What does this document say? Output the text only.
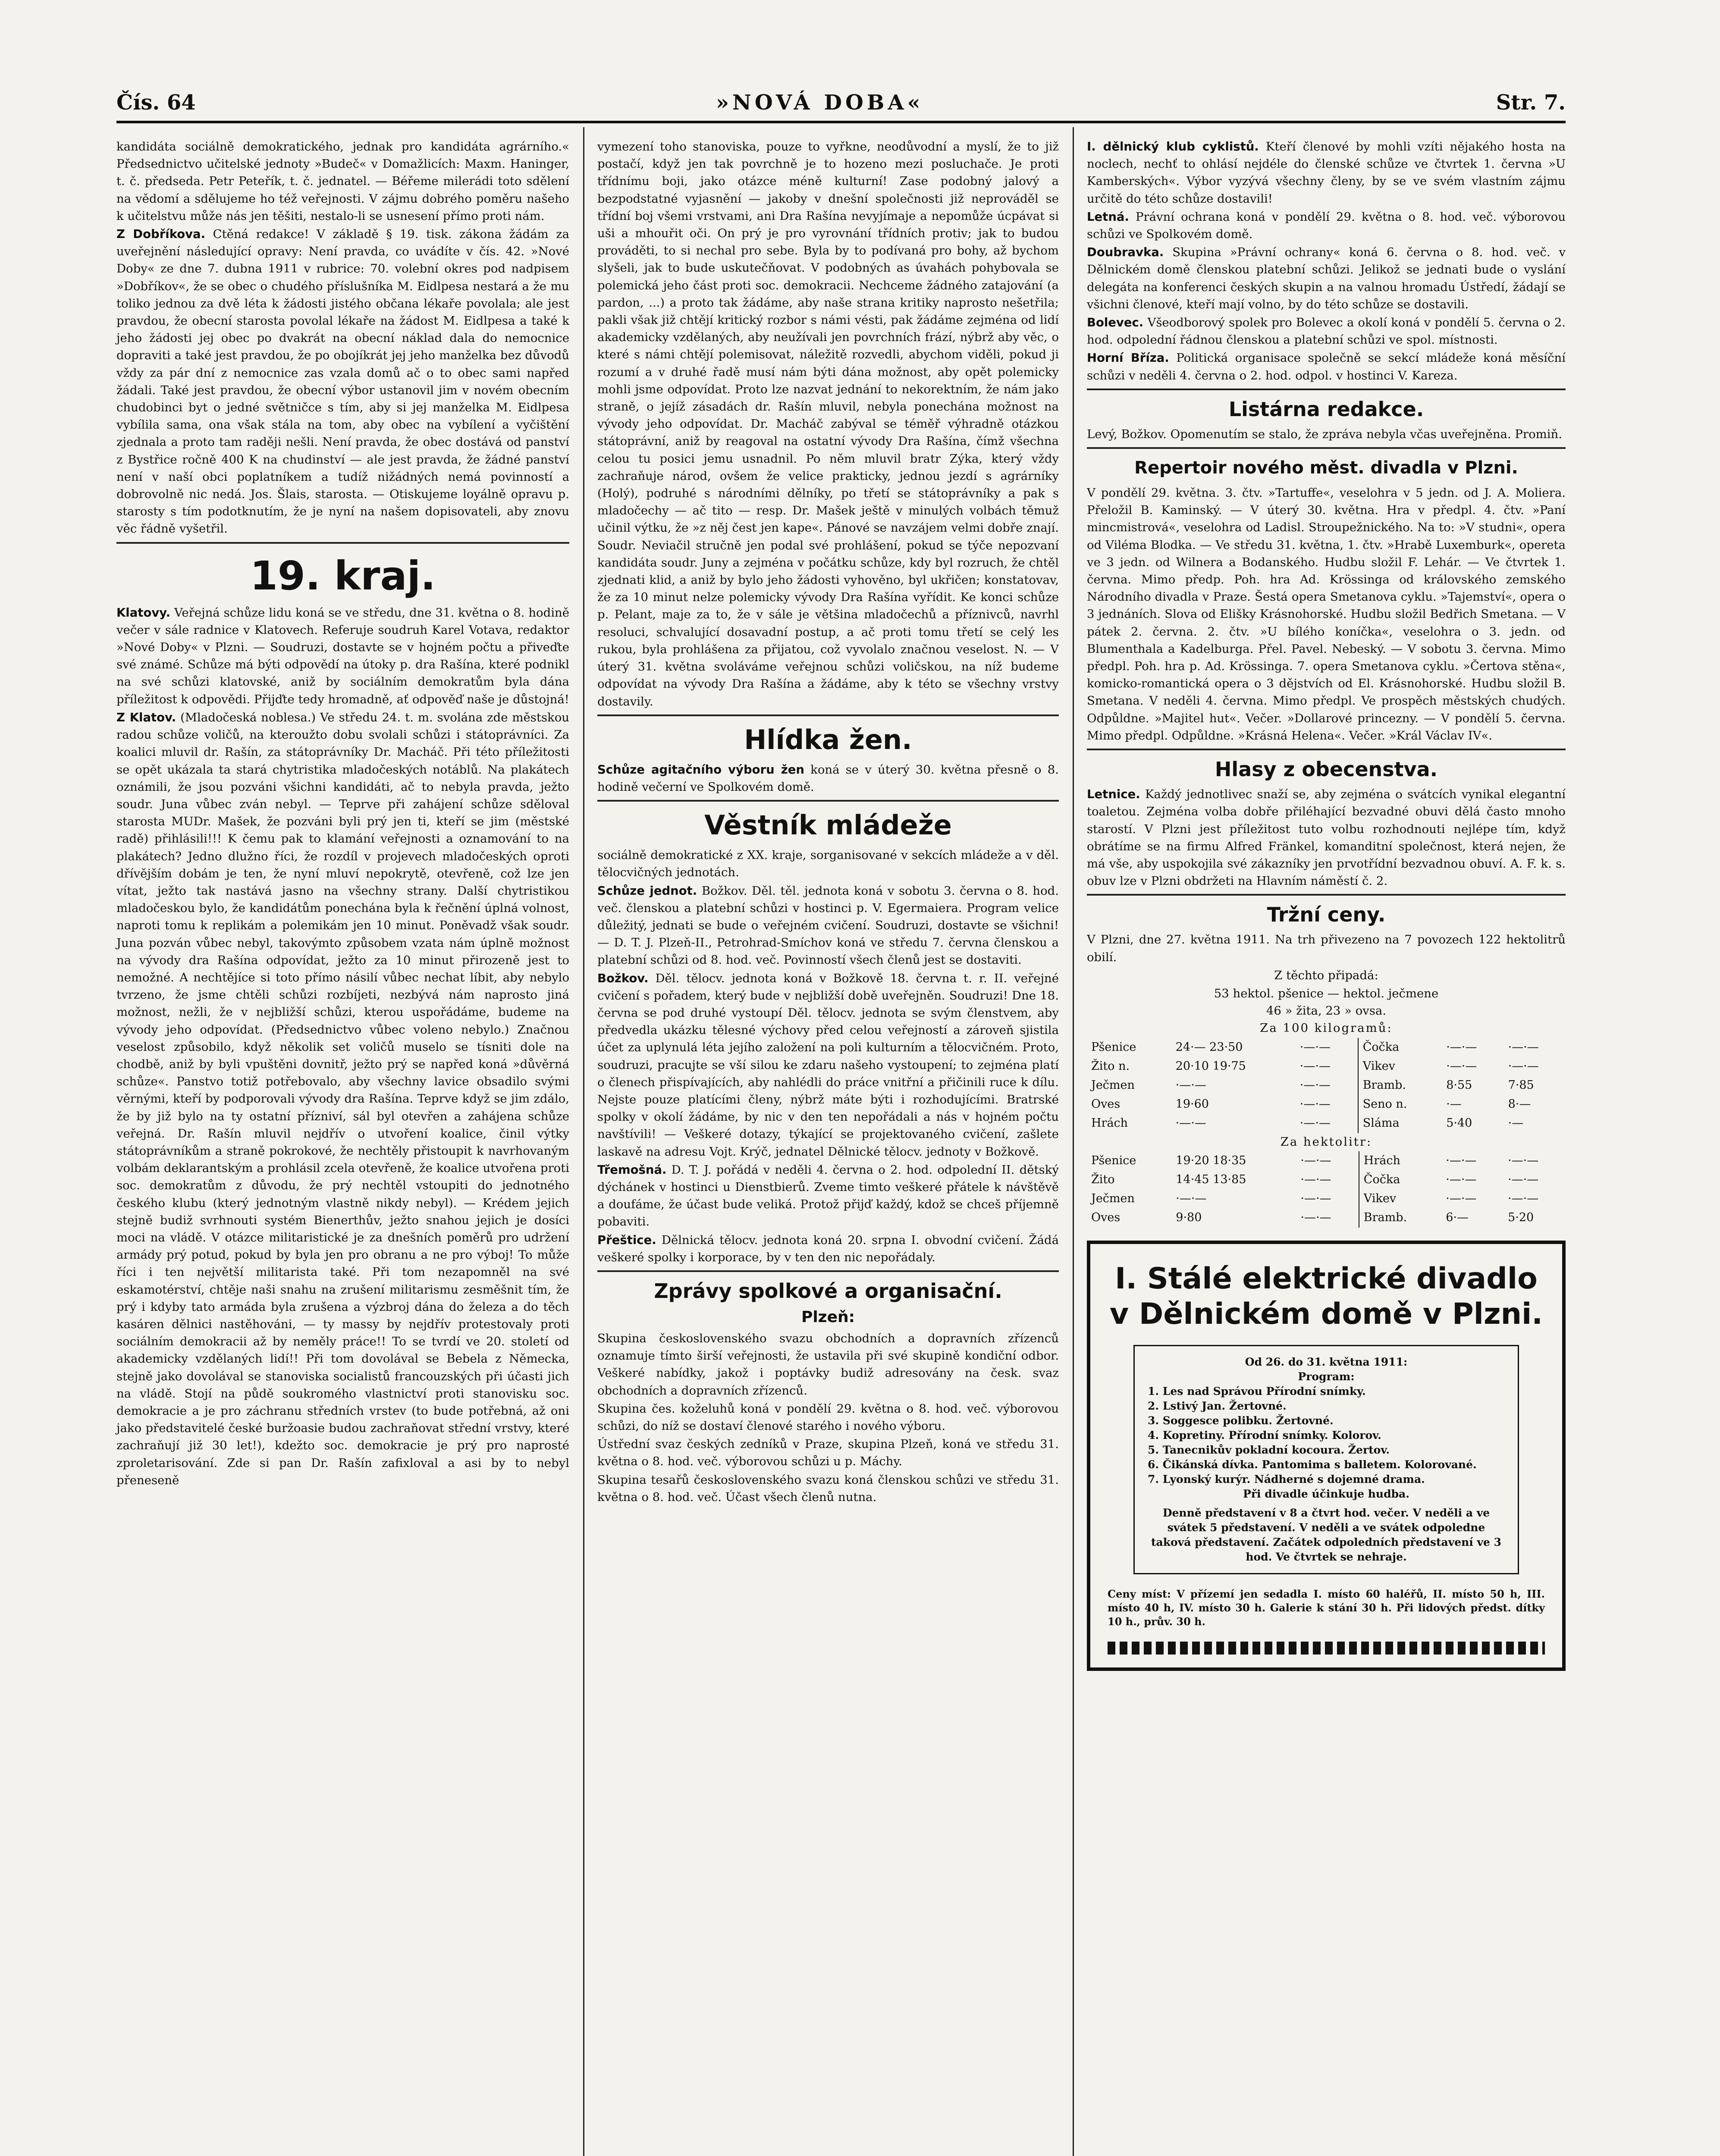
Čís. 64	»NOVÁ DOBA«	Str. 7.

kandidáta sociálně demokratického, jednak pro kandidáta agrárního.« Předsednictvo učitelské jednoty »Budeč« v Domažlicích: Maxm. Haninger, t. č. předseda. Petr Peteřík, t. č. jednatel. — Béřeme milerádi toto sdělení na vědomí a sdělujeme ho též veřejnosti. V zájmu dobrého poměru našeho k učitelstvu může nás jen těšiti, nestalo-li se usnesení přímo proti nám.

Z Dobříkova. Ctěná redakce! V základě § 19. tisk. zákona žádám za uveřejnění následující opravy: Není pravda, co uvádíte v čís. 42. »Nové Doby« ze dne 7. dubna 1911 v rubrice: 70. volební okres pod nadpisem »Dobříkov«, že se obec o chudého příslušníka M. Eidlpesa nestará a že mu toliko jednou za dvě léta k žádosti jistého občana lékaře povolala; ale jest pravdou, že obecní starosta povolal lékaře na žádost M. Eidlpesa a také k jeho žádosti jej obec po dvakrát na obecní náklad dala do nemocnice dopraviti a také jest pravdou, že po obojíkrát jej jeho manželka bez důvodů vždy za pár dní z nemocnice zas vzala domů ač o to obec sami napřed žádali. Také jest pravdou, že obecní výbor ustanovil jim v novém obecním chudobinci byt o jedné světničce s tím, aby si jej manželka M. Eidlpesa vybílila sama, ona však stála na tom, aby obec na vybílení a vyčištění zjednala a proto tam raději nešli. Není pravda, že obec dostává od panství z Bystřice ročně 400 K na chudinství — ale jest pravda, že žádné panství není v naší obci poplatníkem a tudíž nižádných nemá povinností a dobrovolně nic nedá. Jos. Šlais, starosta. — Otiskujeme loyálně opravu p. starosty s tím podotknutím, že je nyní na našem dopisovateli, aby znovu věc řádně vyšetřil.

19. kraj.

Klatovy. Veřejná schůze lidu koná se ve středu, dne 31. května o 8. hodině večer v sále radnice v Klatovech. Referuje soudruh Karel Votava, redaktor »Nové Doby« v Plzni. — Soudruzi, dostavte se v hojném počtu a přiveďte své známé. Schůze má býti odpovědí na útoky p. dra Rašína, které podnikl na své schůzi klatovské, aniž by sociálním demokratům byla dána příležitost k odpovědi. Přijďte tedy hromadně, ať odpověď naše je důstojná!

Z Klatov. (Mladočeská noblesa.) Ve středu 24. t. m. svolána zde městskou radou schůze voličů, na kteroužto dobu svolali schůzi i státoprávníci. Za koalici mluvil dr. Rašín, za státoprávníky Dr. Macháč. Při této příležitosti se opět ukázala ta stará chytristika mladočeských notáblů. Na plakátech oznámili, že jsou pozváni všichni kandidáti, ač to nebyla pravda, ježto soudr. Juna vůbec zván nebyl. — Teprve při zahájení schůze sděloval starosta MUDr. Mašek, že pozváni byli prý jen ti, kteří se jim (městské radě) přihlásili!!! K čemu pak to klamání veřejnosti a oznamování to na plakátech? Jedno dlužno říci, že rozdíl v projevech mladočeských oproti dřívějším dobám je ten, že nyní mluví nepokrytě, otevřeně, což lze jen vítat, ježto tak nastává jasno na všechny strany. Další chytristikou mladočeskou bylo, že kandidátům ponechána byla k řečnění úplná volnost, naproti tomu k replikám a polemikám jen 10 minut. Poněvadž však soudr. Juna pozván vůbec nebyl, takovýmto způsobem vzata nám úplně možnost na vývody dra Rašína odpovídat, ježto za 10 minut přirozeně jest to nemožné. A nechtějíce si toto přímo násilí vůbec nechat líbit, aby nebylo tvrzeno, že jsme chtěli schůzi rozbíjeti, nezbývá nám naprosto jiná možnost, nežli, že v nejbližší schůzi, kterou uspořádáme, budeme na vývody jeho odpovídat. (Předsednictvo vůbec voleno nebylo.) Značnou veselost způsobilo, když několik set voličů muselo se tísniti dole na chodbě, aniž by byli vpuštěni dovnitř, ježto prý se napřed koná »důvěrná schůze«. Panstvo totiž potřebovalo, aby všechny lavice obsadilo svými věrnými, kteří by podporovali vývody dra Rašína. Teprve když se jim zdálo, že by již bylo na ty ostatní přízniví, sál byl otevřen a zahájena schůze veřejná. Dr. Rašín mluvil nejdřív o utvoření koalice, činil výtky státoprávníkům a straně pokrokové, že nechtěly přistoupit k navrhovaným volbám deklarantským a prohlásil zcela otevřeně, že koalice utvořena proti soc. demokratům z důvodu, že prý nechtěl vstoupiti do jednotného českého klubu (který jednotným vlastně nikdy nebyl). — Krédem jejich stejně budiž svrhnouti systém Bienerthův, ježto snahou jejich je dosíci moci na vládě. V otázce militaristické je za dnešních poměrů pro udržení armády prý potud, pokud by byla jen pro obranu a ne pro výboj! To může říci i ten největší militarista také. Při tom nezapomněl na své eskamotérství, chtěje naši snahu na zrušení militarismu zesměšnit tím, že prý i kdyby tato armáda byla zrušena a výzbroj dána do železa a do těch kasáren dělnici nastěhováni, — ty massy by nejdřív protestovaly proti sociálním demokracii až by neměly práce!! To se tvrdí ve 20. století od akademicky vzdělaných lidí!! Při tom dovolával se Bebela z Německa, stejně jako dovolával se stanoviska socialistů francouzských při účasti jich na vládě. Stojí na půdě soukromého vlastnictví proti stanovisku soc. demokracie a je pro záchranu středních vrstev (to bude potřebná, až oni jako představitelé české buržoasie budou zachraňovat střední vrstvy, které zachraňují již 30 let!), kdežto soc. demokracie je prý pro naprosté zproletarisování. Zde si pan Dr. Rašín zafixloval a asi by to nebyl přeneseně

vymezení toho stanoviska, pouze to vyřkne, neodůvodní a myslí, že to již postačí, když jen tak povrchně je to hozeno mezi posluchače. Je proti třídnímu boji, jako otázce méně kulturní! Zase podobný jalový a bezpodstatné vyjasnění — jakoby v dnešní společnosti již neprováděl se třídní boj všemi vrstvami, ani Dra Rašína nevyjímaje a nepomůže úcpávat si uši a mhouřit oči. On prý je pro vyrovnání třídních protiv; jak to budou prováděti, to si nechal pro sebe. Byla by to podívaná pro bohy, až bychom slyšeli, jak to bude uskutečňovat. V podobných as úvahách pohybovala se polemická jeho část proti soc. demokracii. Nechceme žádného zatajování (a pardon, ...) a proto tak žádáme, aby naše strana kritiky naprosto nešetřila; pakli však již chtějí kritický rozbor s námi vésti, pak žádáme zejména od lidí akademicky vzdělaných, aby neužívali jen povrchních frází, nýbrž aby věc, o které s námi chtějí polemisovat, náležitě rozvedli, abychom viděli, pokud ji rozumí a v druhé řadě musí nám býti dána možnost, aby opět polemicky mohli jsme odpovídat. Proto lze nazvat jednání to nekorektním, že nám jako straně, o jejíž zásadách dr. Rašín mluvil, nebyla ponechána možnost na vývody jeho odpovídat. Dr. Macháč zabýval se téměř výhradně otázkou státoprávní, aniž by reagoval na ostatní vývody Dra Rašína, čímž všechna celou tu posici jemu usnadnil. Po něm mluvil bratr Zýka, který vždy zachraňuje národ, ovšem že velice prakticky, jednou jezdí s agrárníky (Holý), podruhé s národními dělníky, po třetí se státoprávníky a pak s mladočechy — ač tito — resp. Dr. Mašek ještě v minulých volbách těmuž učinil výtku, že »z něj čest jen kape«. Pánové se navzájem velmi dobře znají. Soudr. Neviačil stručně jen podal své prohlášení, pokud se týče nepozvaní kandidáta soudr. Juny a zejména v počátku schůze, kdy byl rozruch, že chtěl zjednati klid, a aniž by bylo jeho žádosti vyhověno, byl ukřičen; konstatovav, že za 10 minut nelze polemicky vývody Dra Rašína vyřídit. Ke konci schůze p. Pelant, maje za to, že v sále je většina mladočechů a příznivců, navrhl resoluci, schvalující dosavadní postup, a ač proti tomu třetí se celý les rukou, byla prohlášena za přijatou, což vyvolalo značnou veselost. N. — V úterý 31. května svoláváme veřejnou schůzi voličskou, na níž budeme odpovídat na vývody Dra Rašína a žádáme, aby k této se všechny vrstvy dostavily.

Hlídka žen.

Schůze agitačního výboru žen koná se v úterý 30. května přesně o 8. hodině večerní ve Spolkovém domě.

Věstník mládeže

sociálně demokratické z XX. kraje, sorganisované v sekcích mládeže a v děl. tělocvičných jednotách.

Schůze jednot. Božkov. Děl. těl. jednota koná v sobotu 3. června o 8. hod. več. členskou a platební schůzi v hostinci p. V. Egermaiera. Program velice důležitý, jednati se bude o veřejném cvičení. Soudruzi, dostavte se všichni! — D. T. J. Plzeň-II., Petrohrad-Smíchov koná ve středu 7. června členskou a platební schůzi od 8. hod. več. Povinností všech členů jest se dostaviti.

Božkov. Děl. tělocv. jednota koná v Božkově 18. června t. r. II. veřejné cvičení s pořadem, který bude v nejbližší době uveřejněn. Soudruzi! Dne 18. června se pod druhé vystoupí Děl. tělocv. jednota se svým členstvem, aby předvedla ukázku tělesné výchovy před celou veřejností a zároveň sjistila účet za uplynulá léta jejího založení na poli kulturním a tělocvičném. Proto, soudruzi, pracujte se vší silou ke zdaru našeho vystoupení; to zejména platí o členech přispívajících, aby nahlédli do práce vnitřní a přičinili ruce k dílu. Nejste pouze platícími členy, nýbrž máte býti i rozhodujícími. Bratrské spolky v okolí žádáme, by nic v den ten nepořádali a nás v hojném počtu navštívili! — Veškeré dotazy, týkající se projektovaného cvičení, zašlete laskavě na adresu Vojt. Krýč, jednatel Dělnické tělocv. jednoty v Božkově.

Třemošná. D. T. J. pořádá v neděli 4. června o 2. hod. odpolední II. dětský dýchánek v hostinci u Dienstbierů. Zveme timto veškeré přátele k návštěvě a doufáme, že účast bude veliká. Protož přijď každý, kdož se chceš příjemně pobaviti.

Přeštice. Dělnická tělocv. jednota koná 20. srpna I. obvodní cvičení. Žádá veškeré spolky i korporace, by v ten den nic nepořádaly.

Zprávy spolkové a organisační.
Plzeň:

Skupina československého svazu obchodních a dopravních zřízenců oznamuje tímto širší veřejnosti, že ustavila při své skupině kondiční odbor. Veškeré nabídky, jakož i poptávky budiž adresovány na česk. svaz obchodních a dopravních zřízenců.

Skupina čes. koželuhů koná v pondělí 29. května o 8. hod. več. výborovou schůzi, do níž se dostaví členové starého i nového výboru.

Ústřední svaz českých zedníků v Praze, skupina Plzeň, koná ve středu 31. května o 8. hod. več. výborovou schůzi u p. Máchy.

Skupina tesařů československého svazu koná členskou schůzi ve středu 31. května o 8. hod. več. Účast všech členů nutna.

I. dělnický klub cyklistů. Kteří členové by mohli vzíti nějakého hosta na noclech, nechť to ohlásí nejdéle do členské schůze ve čtvrtek 1. června »U Kamberských«. Výbor vyzývá všechny členy, by se ve svém vlastním zájmu určitě do této schůze dostavili!

Letná. Právní ochrana koná v pondělí 29. května o 8. hod. več. výborovou schůzi ve Spolkovém domě.

Doubravka. Skupina »Právní ochrany« koná 6. června o 8. hod. več. v Dělnickém domě členskou platební schůzi. Jelikož se jednati bude o vyslání delegáta na konferenci českých skupin a na valnou hromadu Ústředí, žádají se všichni členové, kteří mají volno, by do této schůze se dostavili.

Bolevec. Všeodborový spolek pro Bolevec a okolí koná v pondělí 5. června o 2. hod. odpolední řádnou členskou a platební schůzi ve spol. místnosti.

Horní Bříza. Politická organisace společně se sekcí mládeže koná měsíční schůzi v neděli 4. června o 2. hod. odpol. v hostinci V. Kareza.

Listárna redakce.

Levý, Božkov. Opomenutím se stalo, že zpráva nebyla včas uveřejněna. Promiň.

Repertoir nového měst. divadla v Plzni.

V pondělí 29. května. 3. čtv. »Tartuffe«, veselohra v 5 jedn. od J. A. Moliera. Přeložil B. Kaminský. — V úterý 30. května. Hra v předpl. 4. čtv. »Paní mincmistrová«, veselohra od Ladisl. Stroupežnického. Na to: »V studni«, opera od Viléma Blodka. — Ve středu 31. května, 1. čtv. »Hrabě Luxemburk«, opereta ve 3 jedn. od Wilnera a Bodanského. Hudbu složil F. Lehár. — Ve čtvrtek 1. června. Mimo předp. Poh. hra Ad. Krössinga od královského zemského Národního divadla v Praze. Šestá opera Smetanova cyklu. »Tajemství«, opera o 3 jednáních. Slova od Elišky Krásnohorské. Hudbu složil Bedřich Smetana. — V pátek 2. června. 2. čtv. »U bílého koníčka«, veselohra o 3. jedn. od Blumenthala a Kadelburga. Přel. Pavel. Nebeský. — V sobotu 3. června. Mimo předpl. Poh. hra p. Ad. Krössinga. 7. opera Smetanova cyklu. »Čertova stěna«, komicko-romantická opera o 3 dějstvích od El. Krásnohorské. Hudbu složil B. Smetana. V neděli 4. června. Mimo předpl. Ve prospěch městských chudých. Odpůldne. »Majitel hut«. Večer. »Dollarové princezny. — V pondělí 5. června. Mimo předpl. Odpůldne. »Krásná Helena«. Večer. »Král Václav IV«.

Hlasy z obecenstva.

Letnice. Každý jednotlivec snaží se, aby zejména o svátcích vynikal elegantní toaletou. Zejména volba dobře přiléhající bezvadné obuvi dělá často mnoho starostí. V Plzni jest příležitost tuto volbu rozhodnouti nejlépe tím, když obrátíme se na firmu Alfred Fränkel, komanditní společnost, která nejen, že má vše, aby uspokojila své zákazníky jen prvotřídní bezvadnou obuví. A. F. k. s. obuv lze v Plzni obdržeti na Hlavním náměstí č. 2.

Tržní ceny.

V Plzni, dne 27. května 1911. Na trh přivezeno na 7 povozech 122 hektolitrů obilí.

Z těchto připadá:

53 hektol. pšenice — hektol. ječmene
46 » žita, 23 » ovsa.

Za 100 kilogramů:

Pšenice	24·— 23·50	·—·—	Čočka	·—·—	·—·—
Žito n.	20·10 19·75	·—·—	Vikev	·—·—	·—·—
Ječmen	·—·—	·—·—	Bramb.	8·55	7·85
Oves	19·60	·—·—	Seno n.	·—	8·—
Hrách	·—·—	·—·—	Sláma	5·40	·—

Za hektolitr:

Pšenice	19·20 18·35	·—·—	Hrách	·—·—	·—·—
Žito	14·45 13·85	·—·—	Čočka	·—·—	·—·—
Ječmen	·—·—	·—·—	Vikev	·—·—	·—·—
Oves	9·80	·—·—	Bramb.	6·—	5·20
I. Stálé elektrické divadlo v Dělnickém domě v Plzni.
Od 26. do 31. května 1911:
Program:
1. Les nad Správou Přírodní snímky.
2. Lstivý Jan. Žertovné.
3. Soggesce polibku. Žertovné.
4. Kopretiny. Přírodní snímky. Kolorov.
5. Tanecnikův pokladní kocoura. Žertov.
6. Čikánská dívka. Pantomima s balletem. Kolorované.
7. Lyonský kurýr. Nádherné s dojemné drama.
Při divadle účinkuje hudba.
Denně představení v 8 a čtvrt hod. večer. V neděli a ve svátek 5 představení. V neděli a ve svátek odpoledne taková představení. Začátek odpoledních představení ve 3 hod. Ve čtvrtek se nehraje.
Ceny míst: V přízemí jen sedadla I. místo 60 haléřů, II. místo 50 h, III. místo 40 h, IV. místo 30 h. Galerie k stání 30 h. Při lidových předst. dítky 10 h., prův. 30 h.
